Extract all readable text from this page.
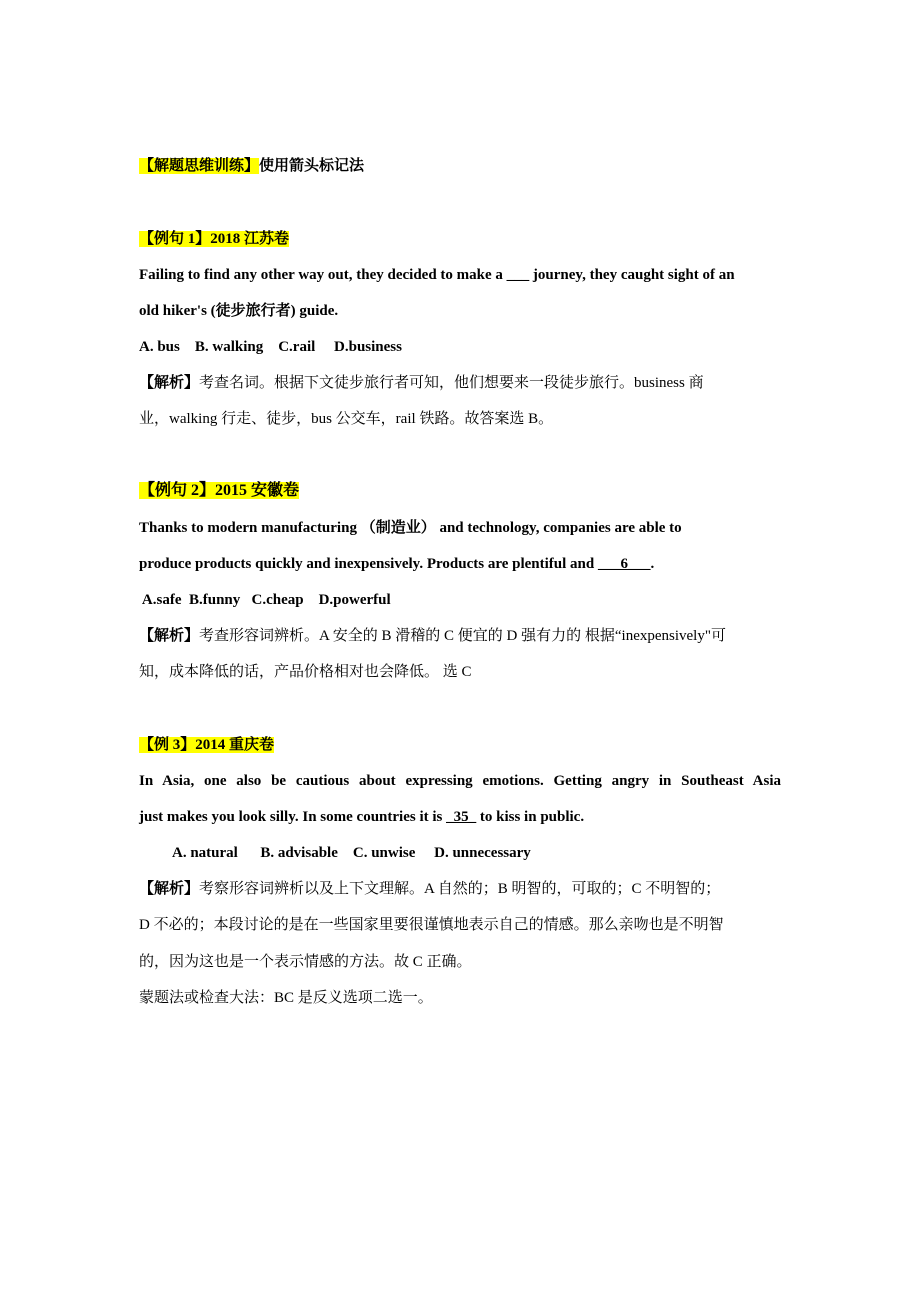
【解题思维训练】使用箭头标记法
【例句 1】2018 江苏卷
Failing to find any other way out, they decided to make a ___ journey, they caught sight of an
old hiker's (徒步旅行者) guide.
A. bus    B. walking    C.rail     D.business
【解析】考查名词。根据下文徒步旅行者可知，他们想要来一段徒步旅行。business 商
业，walking 行走、徒步，bus 公交车，rail 铁路。故答案选 B。
【例句 2】2015 安徽卷
Thanks to modern manufacturing （制造业） and technology, companies are able to
produce products quickly and inexpensively. Products are plentiful and ___6___.
A.safe  B.funny   C.cheap    D.powerful
【解析】考查形容词辨析。A 安全的 B 滑稽的 C 便宜的 D 强有力的 根据“inexpensively"可
知，成本降低的话，产品价格相对也会降低。 选 C
【例 3】2014 重庆卷
In Asia, one also be cautious about expressing emotions. Getting angry in Southeast Asia
just makes you look silly. In some countries it is _35_ to kiss in public.
A. natural      B. advisable    C. unwise     D. unnecessary
【解析】考察形容词辨析以及上下文理解。A 自然的；B 明智的，可取的；C 不明智的；
D 不必的；本段讨论的是在一些国家里要很谨慎地表示自己的情感。那么亲吻也是不明智
的，因为这也是一个表示情感的方法。故 C 正确。
蒙题法或检查大法：BC 是反义选项二选一。
